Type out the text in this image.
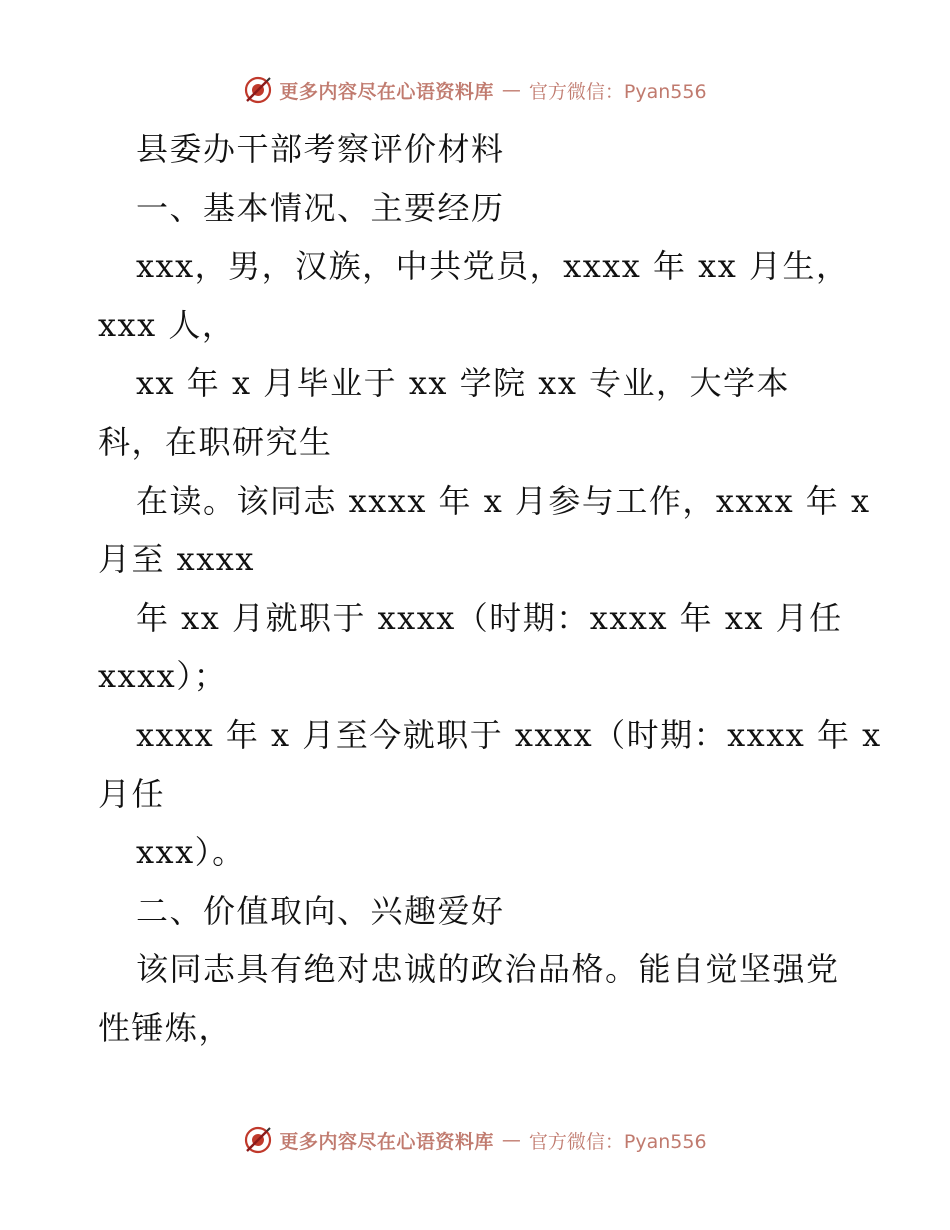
更多内容尽在心语资料库 — 官方微信：Pyan556
县委办干部考察评价材料
一、基本情况、主要经历
xxx，男，汉族，中共党员，xxxx 年 xx 月生，
xxx 人，
xx 年 x 月毕业于 xx 学院 xx 专业，大学本
科，在职研究生
在读。该同志 xxxx 年 x 月参与工作，xxxx 年 x
月至 xxxx
年 xx 月就职于 xxxx（时期：xxxx 年 xx 月任
xxxx）；
xxxx 年 x 月至今就职于 xxxx（时期：xxxx 年 x
月任
xxx）。
二、价值取向、兴趣爱好
该同志具有绝对忠诚的政治品格。能自觉坚强党
性锤炼，
更多内容尽在心语资料库 — 官方微信：Pyan556
